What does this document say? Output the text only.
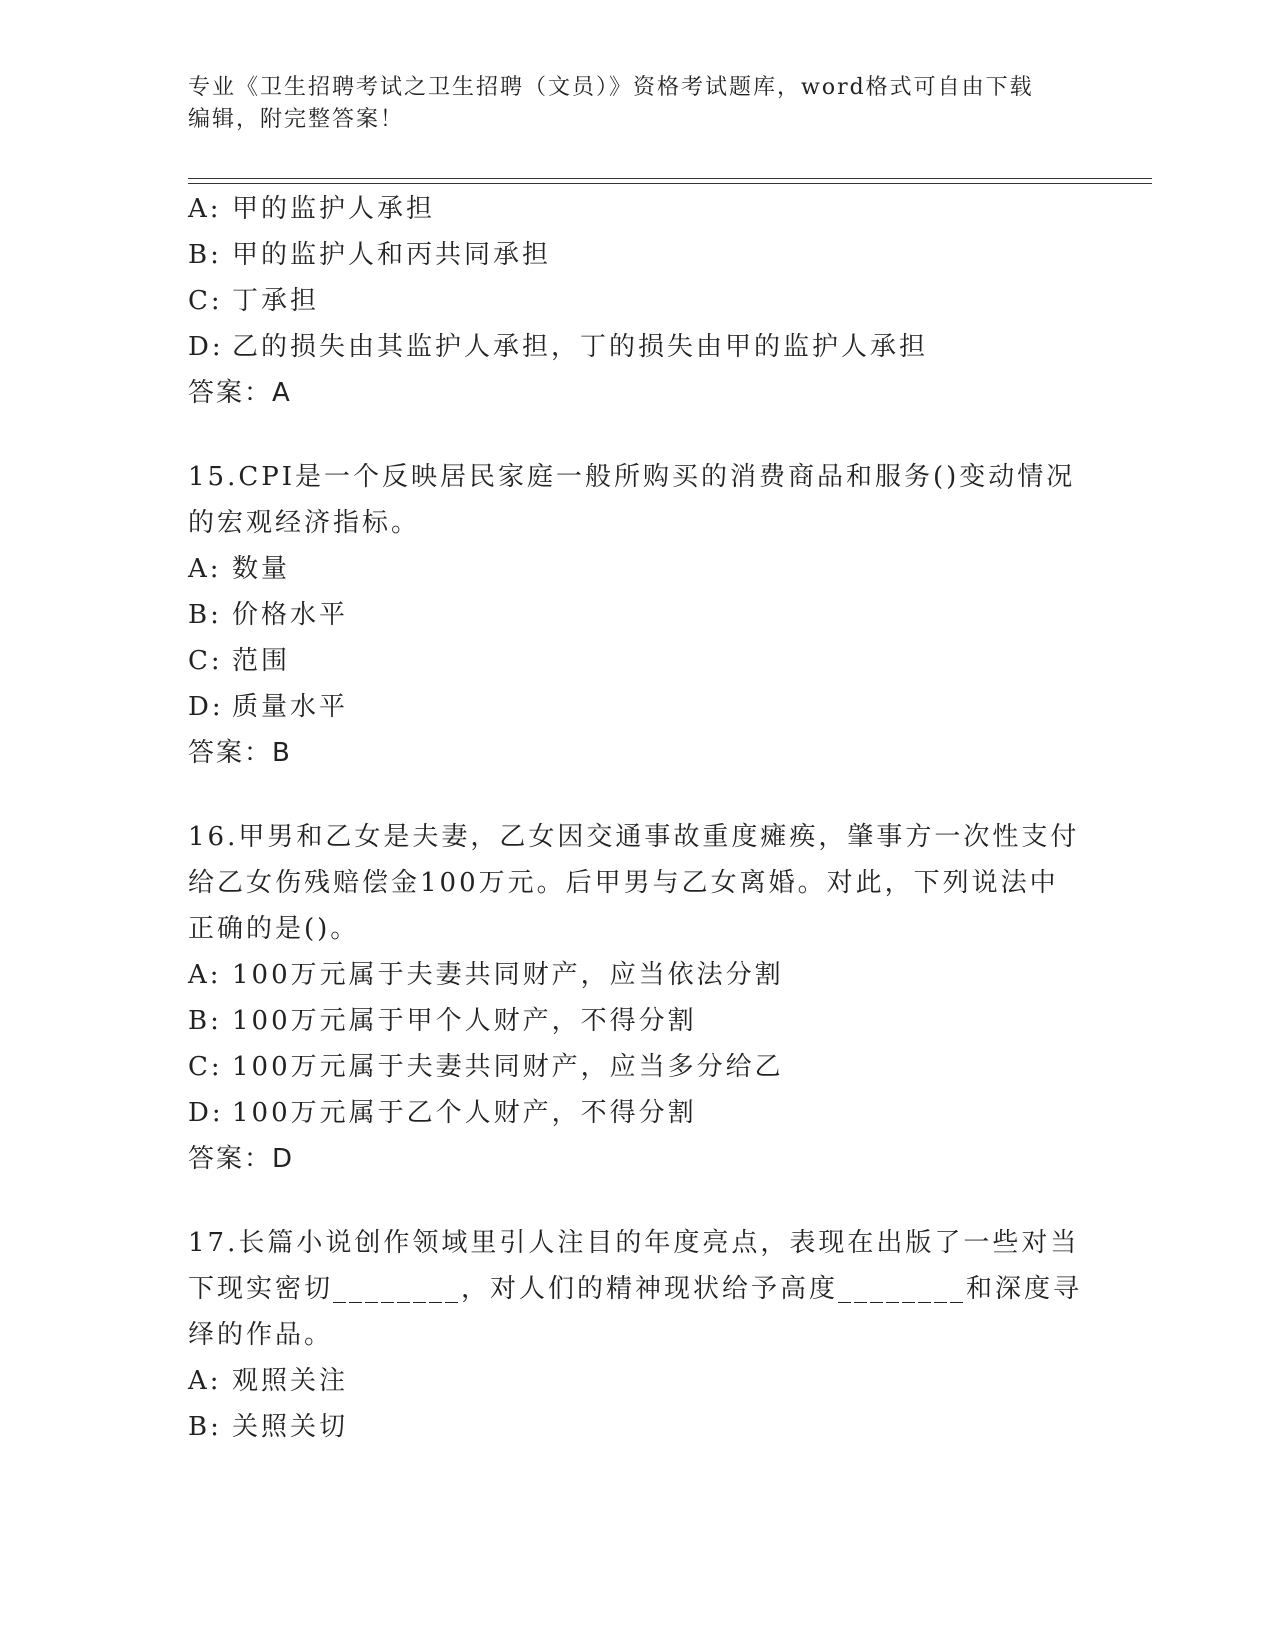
专业《卫生招聘考试之卫生招聘（文员）》资格考试题库，word格式可自由下载
编辑，附完整答案！
A: 甲的监护人承担
B: 甲的监护人和丙共同承担
C: 丁承担
D: 乙的损失由其监护人承担，丁的损失由甲的监护人承担
答案：A
15.CPI是一个反映居民家庭一般所购买的消费商品和服务()变动情况
的宏观经济指标。
A: 数量
B: 价格水平
C: 范围
D: 质量水平
答案：B
16.甲男和乙女是夫妻，乙女因交通事故重度瘫痪，肇事方一次性支付
给乙女伤残赔偿金100万元。后甲男与乙女离婚。对此，下列说法中
正确的是()。
A: 100万元属于夫妻共同财产，应当依法分割
B: 100万元属于甲个人财产，不得分割
C: 100万元属于夫妻共同财产，应当多分给乙
D: 100万元属于乙个人财产，不得分割
答案：D
17.长篇小说创作领域里引人注目的年度亮点，表现在出版了一些对当
下现实密切________，对人们的精神现状给予高度________和深度寻
绎的作品。
A: 观照关注
B: 关照关切
